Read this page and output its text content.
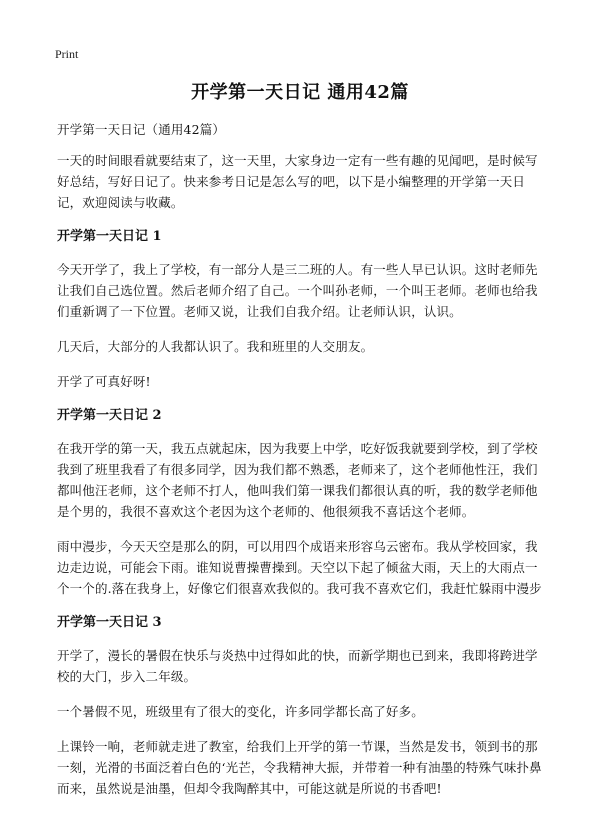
Print
开学第一天日记 通用42篇

开学第一天日记（通用42篇）

一天的时间眼看就要结束了，这一天里，大家身边一定有一些有趣的见闻吧，是时候写好总结，写好日记了。快来参考日记是怎么写的吧，以下是小编整理的开学第一天日记，欢迎阅读与收藏。

开学第一天日记 1

今天开学了，我上了学校，有一部分人是三二班的人。有一些人早已认识。这时老师先让我们自己选位置。然后老师介绍了自己。一个叫孙老师，一个叫王老师。老师也给我们重新调了一下位置。老师又说，让我们自我介绍。让老师认识，认识。

几天后，大部分的人我都认识了。我和班里的人交朋友。

开学了可真好呀!

开学第一天日记 2

在我开学的第一天，我五点就起床，因为我要上中学，吃好饭我就要到学校，到了学校我到了班里我看了有很多同学，因为我们都不熟悉，老师来了，这个老师他性汪，我们都叫他汪老师，这个老师不打人，他叫我们第一课我们都很认真的听，我的数学老师他是个男的，我很不喜欢这个老因为这个老师的、他很须我不喜话这个老师。

雨中漫步，今天天空是那么的阴，可以用四个成语来形容乌云密布。我从学校回家，我边走边说，可能会下雨。谁知说曹操曹操到。天空以下起了倾盆大雨，天上的大雨点一个一个的.落在我身上，好像它们很喜欢我似的。我可我不喜欢它们，我赶忙躲雨中漫步

开学第一天日记 3

开学了，漫长的暑假在快乐与炎热中过得如此的快，而新学期也已到来，我即将跨进学校的大门，步入二年级。

一个暑假不见，班级里有了很大的变化，许多同学都长高了好多。

上课铃一响，老师就走进了教室，给我们上开学的第一节课，当然是发书，领到书的那一刻，光滑的书面泛着白色的‘光芒，令我精神大振，并带着一种有油墨的特殊气味扑鼻而来，虽然说是油墨，但却令我陶醉其中，可能这就是所说的书香吧!
